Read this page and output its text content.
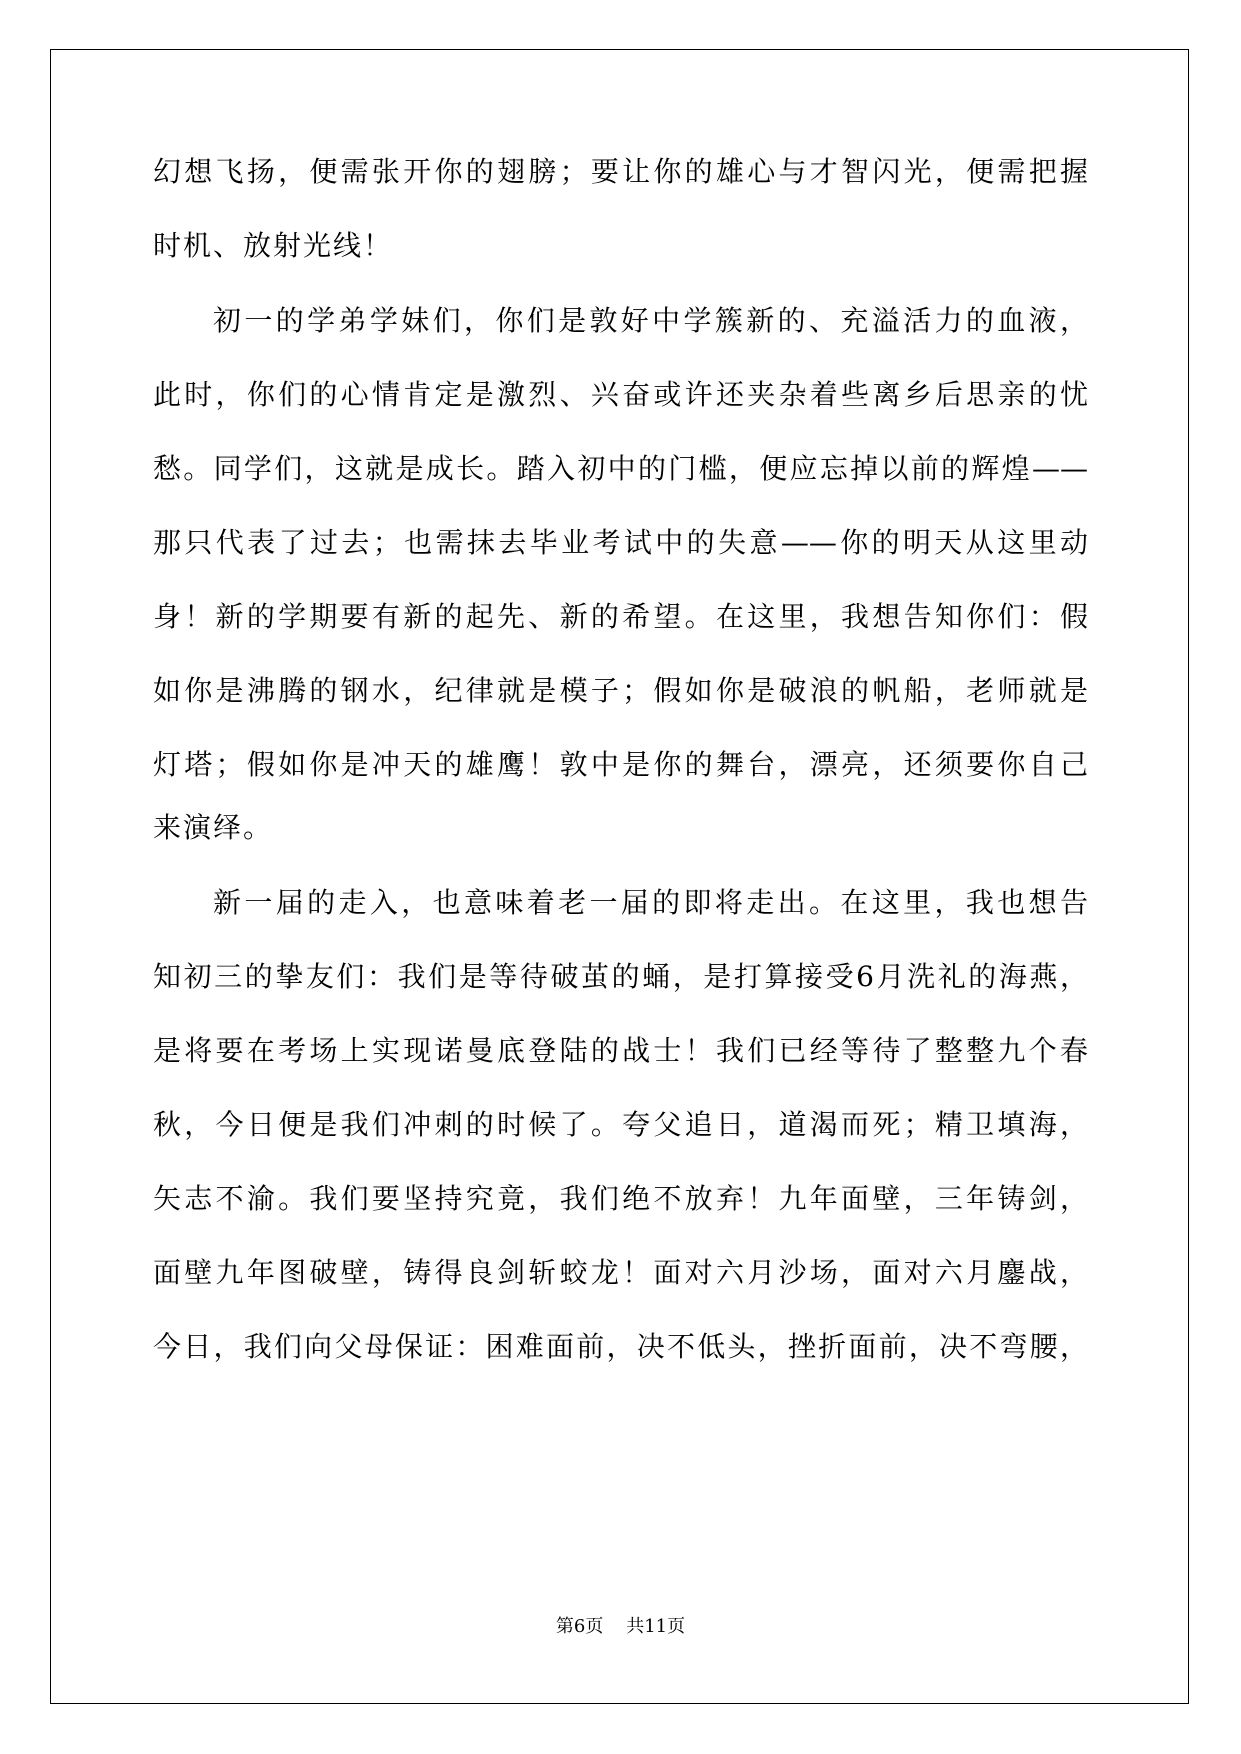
幻想飞扬，便需张开你的翅膀；要让你的雄心与才智闪光，便需把握
时机、放射光线！
初一的学弟学妹们，你们是敦好中学簇新的、充溢活力的血液，
此时，你们的心情肯定是激烈、兴奋或许还夹杂着些离乡后思亲的忧
愁。同学们，这就是成长。踏入初中的门槛，便应忘掉以前的辉煌——
那只代表了过去；也需抹去毕业考试中的失意——你的明天从这里动
身！新的学期要有新的起先、新的希望。在这里，我想告知你们：假
如你是沸腾的钢水，纪律就是模子；假如你是破浪的帆船，老师就是
灯塔；假如你是冲天的雄鹰！敦中是你的舞台，漂亮，还须要你自己
来演绎。
新一届的走入，也意味着老一届的即将走出。在这里，我也想告
知初三的挚友们：我们是等待破茧的蛹，是打算接受6月洗礼的海燕，
是将要在考场上实现诺曼底登陆的战士！我们已经等待了整整九个春
秋，今日便是我们冲刺的时候了。夸父追日，道渴而死；精卫填海，
矢志不渝。我们要坚持究竟，我们绝不放弃！九年面壁，三年铸剑，
面壁九年图破壁，铸得良剑斩蛟龙！面对六月沙场，面对六月鏖战，
今日，我们向父母保证：困难面前，决不低头，挫折面前，决不弯腰，
第6页    共11页
